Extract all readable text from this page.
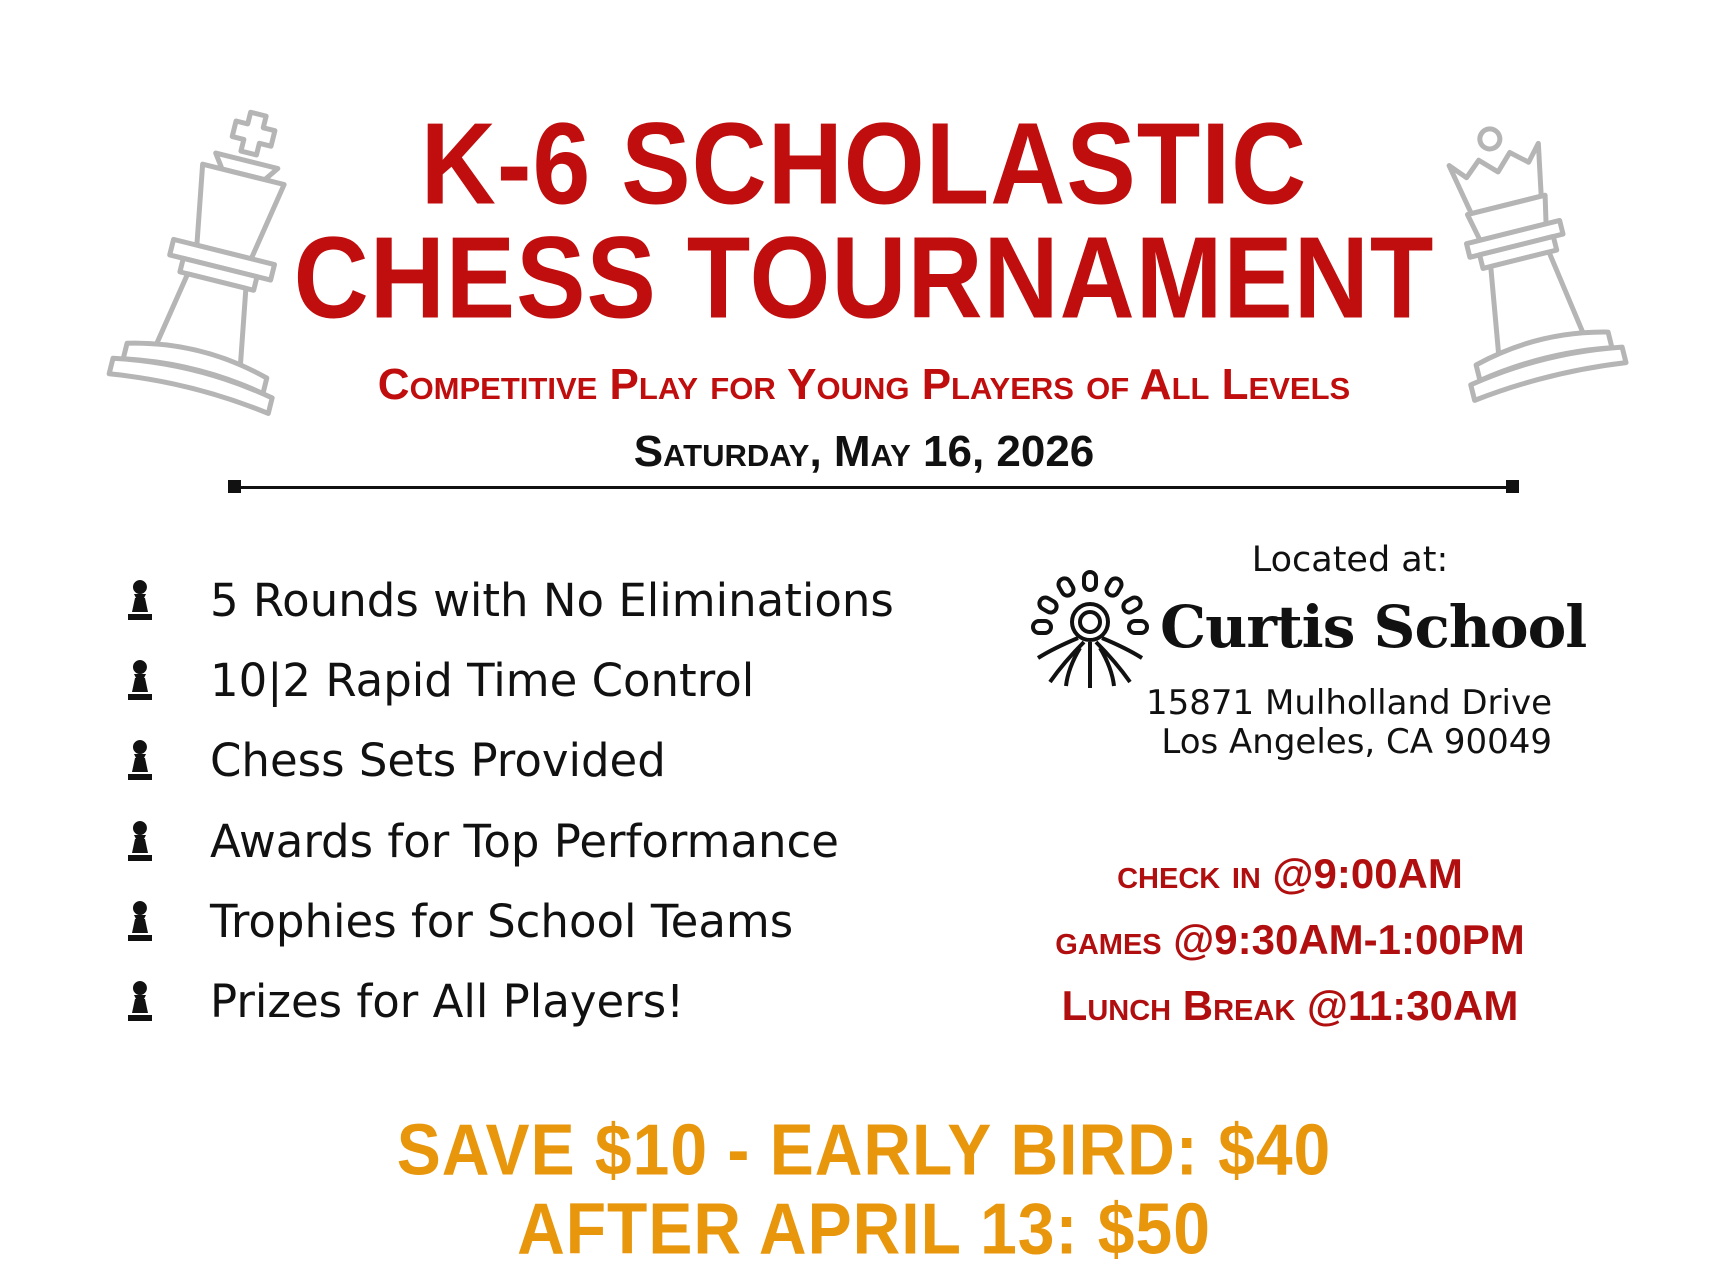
K-6 SCHOLASTIC
CHESS TOURNAMENT
Competitive Play for Young Players of All Levels
Saturday, May 16, 2026
5 Rounds with No Eliminations
10|2 Rapid Time Control
Chess Sets Provided
Awards for Top Performance
Trophies for School Teams
Prizes for All Players!
Located at:
Curtis School
15871 Mulholland Drive
Los Angeles, CA 90049
check in @9:00AM
games @9:30AM-1:00PM
Lunch Break @11:30AM
SAVE $10 - EARLY BIRD: $40
AFTER APRIL 13: $50
